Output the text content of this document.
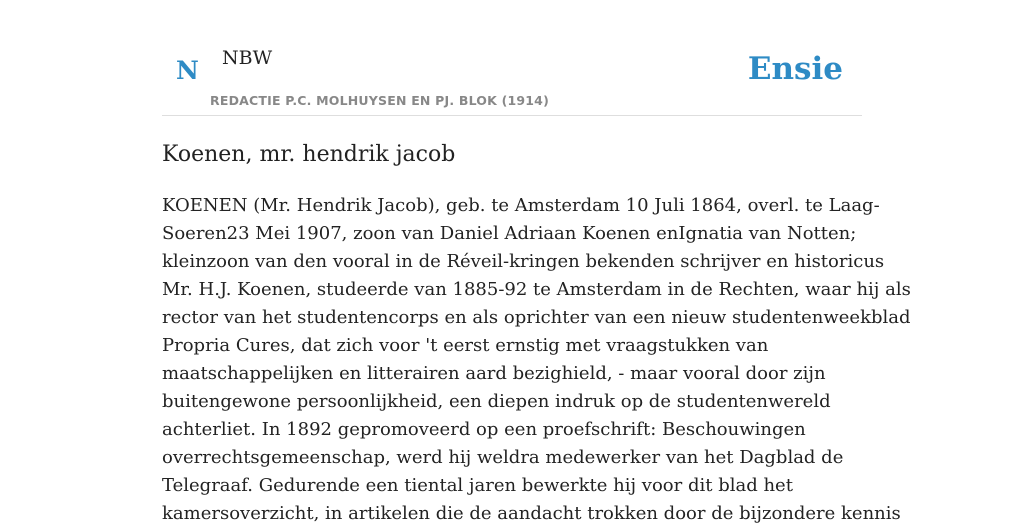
N NBW
REDACTIE P.C. MOLHUYSEN EN PJ. BLOK (1914)
Ensie
Koenen, mr. hendrik jacob
KOENEN (Mr. Hendrik Jacob), geb. te Amsterdam 10 Juli 1864, overl. te Laag-
Soeren23 Mei 1907, zoon van Daniel Adriaan Koenen enIgnatia van Notten;
kleinzoon van den vooral in de Réveil-kringen bekenden schrijver en historicus
Mr. H.J. Koenen, studeerde van 1885-92 te Amsterdam in de Rechten, waar hij als
rector van het studentencorps en als oprichter van een nieuw studentenweekblad
Propria Cures, dat zich voor 't eerst ernstig met vraagstukken van
maatschappelijken en litterairen aard bezighield, - maar vooral door zijn
buitengewone persoonlijkheid, een diepen indruk op de studentenwereld
achterliet. In 1892 gepromoveerd op een proefschrift: Beschouwingen
overrechtsgemeenschap, werd hij weldra medewerker van het Dagblad de
Telegraaf. Gedurende een tiental jaren bewerkte hij voor dit blad het
kamersoverzicht, in artikelen die de aandacht trokken door de bijzondere kennis
